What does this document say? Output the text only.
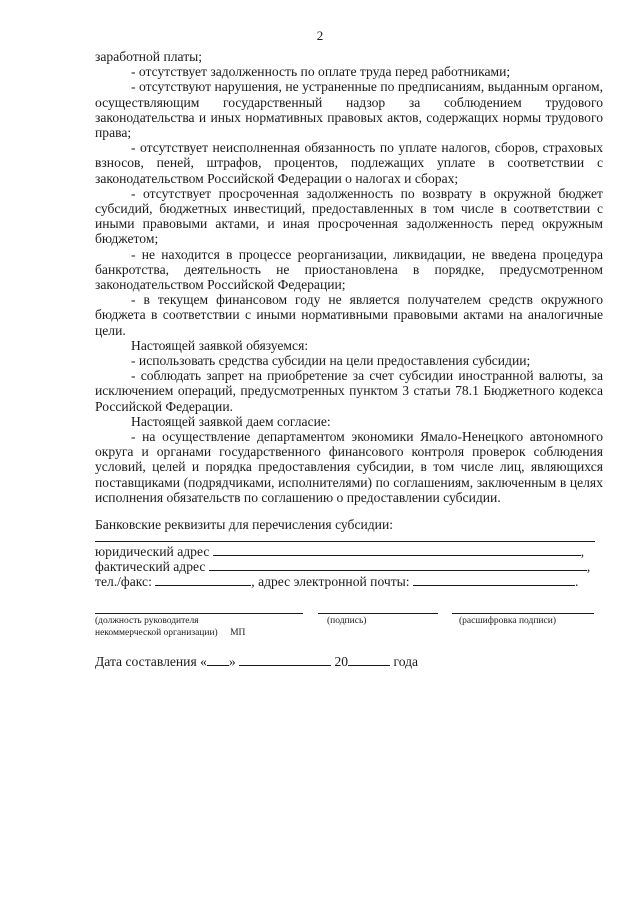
2

заработной платы;

- отсутствует задолженность по оплате труда перед работниками;

- отсутствуют нарушения, не устраненные по предписаниям, выданным органом, осуществляющим государственный надзор за соблюдением трудового законодательства и иных нормативных правовых актов, содержащих нормы трудового права;

- отсутствует неисполненная обязанность по уплате налогов, сборов, страховых взносов, пеней, штрафов, процентов, подлежащих уплате в соответствии с законодательством Российской Федерации о налогах и сборах;

- отсутствует просроченная задолженность по возврату в окружной бюджет субсидий, бюджетных инвестиций, предоставленных в том числе в соответствии с иными правовыми актами, и иная просроченная задолженность перед окружным бюджетом;

- не находится в процессе реорганизации, ликвидации, не введена процедура банкротства, деятельность не приостановлена в порядке, предусмотренном законодательством Российской Федерации;

- в текущем финансовом году не является получателем средств окружного бюджета в соответствии с иными нормативными правовыми актами на аналогичные цели.

Настоящей заявкой обязуемся:

- использовать средства субсидии на цели предоставления субсидии;

- соблюдать запрет на приобретение за счет субсидии иностранной валюты, за исключением операций, предусмотренных пунктом 3 статьи 78.1 Бюджетного кодекса Российской Федерации.

Настоящей заявкой даем согласие:

- на осуществление департаментом экономики Ямало-Ненецкого автономного округа и органами государственного финансового контроля проверок соблюдения условий, целей и порядка предоставления субсидии, в том числе лиц, являющихся поставщиками (подрядчиками, исполнителями) по соглашениям, заключенным в целях исполнения обязательств по соглашению о предоставлении субсидии.

Банковские реквизиты для перечисления субсидии:
юридический адрес	,
фактический адрес	,
тел./факс:	, адрес электронной почты:	.
(должность руководителя
некоммерческой организации) МП
(подпись)	(расшифровка подписи)
Дата составления « »	20	года
